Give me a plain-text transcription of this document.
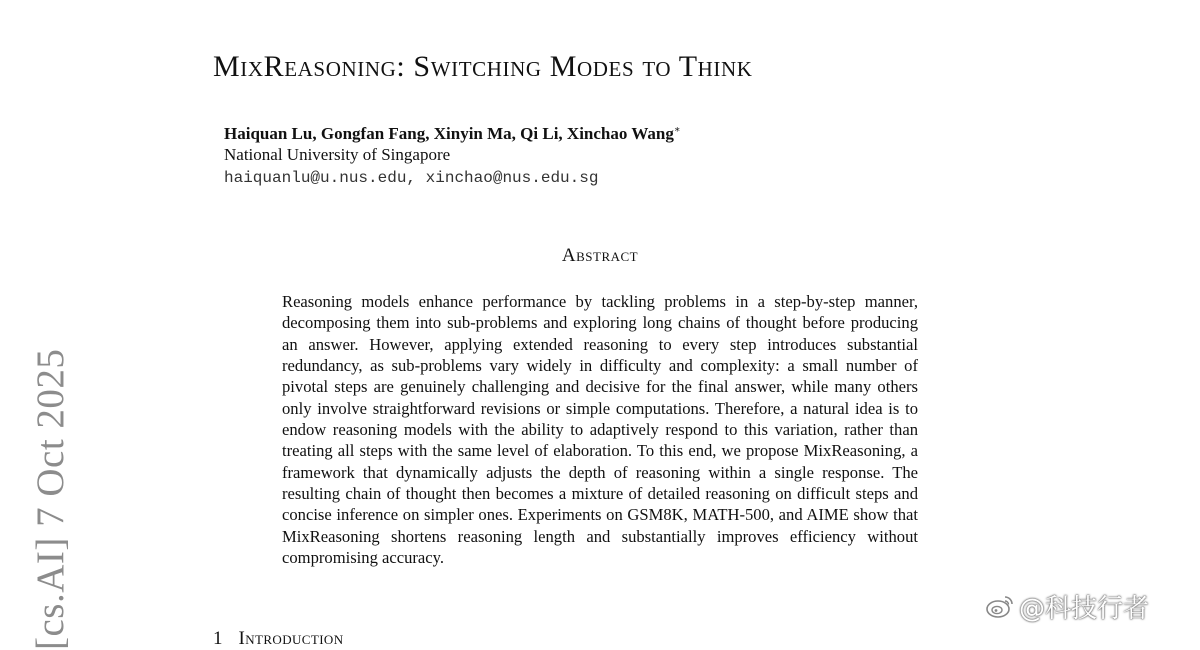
MixReasoning: Switching Modes to Think
Haiquan Lu, Gongfan Fang, Xinyin Ma, Qi Li, Xinchao Wang∗
National University of Singapore
haiquanlu@u.nus.edu, xinchao@nus.edu.sg
Abstract
Reasoning models enhance performance by tackling problems in a step-by-step manner, decomposing them into sub-problems and exploring long chains of thought before producing an answer. However, applying extended reasoning to every step introduces substantial redundancy, as sub-problems vary widely in difficulty and complexity: a small number of pivotal steps are genuinely challenging and decisive for the final answer, while many others only involve straightforward revisions or simple computations. Therefore, a natural idea is to endow reasoning models with the ability to adaptively respond to this variation, rather than treating all steps with the same level of elaboration. To this end, we propose MixReasoning, a framework that dynamically adjusts the depth of reasoning within a single response. The resulting chain of thought then becomes a mixture of detailed reasoning on difficult steps and concise inference on simpler ones. Experiments on GSM8K, MATH-500, and AIME show that MixReasoning shortens reasoning length and substantially improves efficiency without compromising accuracy.
1 Introduction
[cs.AI] 7 Oct 2025	@科技行者
